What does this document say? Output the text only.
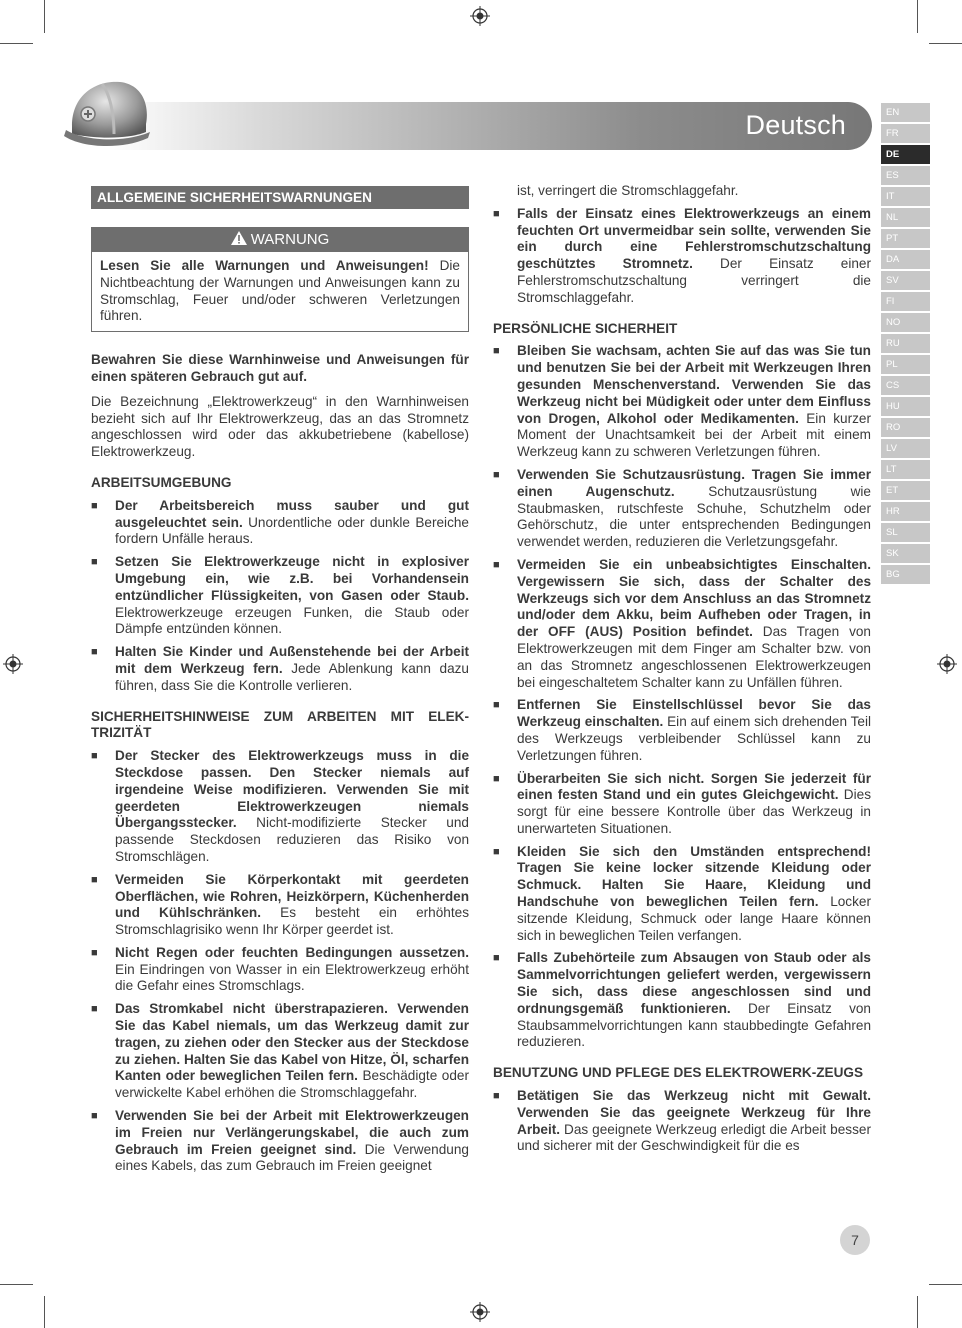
Deutsch	EN
FR
DE
ES
IT
NL
PT
DA
SV
FI
NO
RU
PL
CS
HU
RO
LV
LT
ET
HR
SL
SK
BG
ALLGEMEINE SICHERHEITSWARNUNGEN
WARNUNG
Lesen Sie alle Warnungen und Anweisungen! Die Nichtbeachtung der Warnungen und Anweisungen kann zu Stromschlag, Feuer und/oder schweren Verletzungen führen.

Bewahren Sie diese Warnhinweise und Anweisungen für einen späteren Gebrauch gut auf.

Die Bezeichnung „Elektrowerkzeug“ in den Warnhinweisen bezieht sich auf Ihr Elektrowerkzeug, das an das Stromnetz angeschlossen wird oder das akkubetriebene (kabellose) Elektrowerkzeug.

ARBEITSUMGEBUNG
■ Der Arbeitsbereich muss sauber und gut ausgeleuchtet sein. Unordentliche oder dunkle Bereiche fordern Unfälle heraus.
■ Setzen Sie Elektrowerkzeuge nicht in explosiver Umgebung ein, wie z.B. bei Vorhandensein entzündlicher Flüssigkeiten, von Gasen oder Staub. Elektrowerkzeuge erzeugen Funken, die Staub oder Dämpfe entzünden können.
■ Halten Sie Kinder und Außenstehende bei der Arbeit mit dem Werkzeug fern. Jede Ablenkung kann dazu führen, dass Sie die Kontrolle verlieren.
SICHERHEITSHINWEISE ZUM ARBEITEN MIT ELEK-TRIZITÄT
■ Der Stecker des Elektrowerkzeugs muss in die Steckdose passen. Den Stecker niemals auf irgendeine Weise modifizieren. Verwenden Sie mit geerdeten Elektrowerkzeugen niemals Übergangsstecker. Nicht-modifizierte Stecker und passende Steckdosen reduzieren das Risiko von Stromschlägen.
■ Vermeiden Sie Körperkontakt mit geerdeten Oberflächen, wie Rohren, Heizkörpern, Küchenherden und Kühlschränken. Es besteht ein erhöhtes Stromschlagrisiko wenn Ihr Körper geerdet ist.
■ Nicht Regen oder feuchten Bedingungen aussetzen. Ein Eindringen von Wasser in ein Elektrowerkzeug erhöht die Gefahr eines Stromschlags.
■ Das Stromkabel nicht überstrapazieren. Verwenden Sie das Kabel niemals, um das Werkzeug damit zur tragen, zu ziehen oder den Stecker aus der Steckdose zu ziehen. Halten Sie das Kabel von Hitze, Öl, scharfen Kanten oder beweglichen Teilen fern. Beschädigte oder verwickelte Kabel erhöhen die Stromschlaggefahr.
■ Verwenden Sie bei der Arbeit mit Elektrowerkzeugen im Freien nur Verlängerungskabel, die auch zum Gebrauch im Freien geeignet sind. Die Verwendung eines Kabels, das zum Gebrauch im Freien geeignet

ist, verringert die Stromschlaggefahr.

■ Falls der Einsatz eines Elektrowerkzeugs an einem feuchten Ort unvermeidbar sein sollte, verwenden Sie ein durch eine Fehlerstromschutzschaltung geschütztes Stromnetz. Der Einsatz einer Fehlerstromschutzschaltung verringert die Stromschlaggefahr.
PERSÖNLICHE SICHERHEIT
■ Bleiben Sie wachsam, achten Sie auf das was Sie tun und benutzen Sie bei der Arbeit mit Werkzeugen Ihren gesunden Menschenverstand. Verwenden Sie das Werkzeug nicht bei Müdigkeit oder unter dem Einfluss von Drogen, Alkohol oder Medikamenten. Ein kurzer Moment der Unachtsamkeit bei der Arbeit mit einem Werkzeug kann zu schweren Verletzungen führen.
■ Verwenden Sie Schutzausrüstung. Tragen Sie immer einen Augenschutz. Schutzausrüstung wie Staubmasken, rutschfeste Schuhe, Schutzhelm oder Gehörschutz, die unter entsprechenden Bedingungen verwendet werden, reduzieren die Verletzungsgefahr.
■ Vermeiden Sie ein unbeabsichtigtes Einschalten. Vergewissern Sie sich, dass der Schalter des Werkzeugs sich vor dem Anschluss an das Stromnetz und/oder dem Akku, beim Aufheben oder Tragen, in der OFF (AUS) Position befindet. Das Tragen von Elektrowerkzeugen mit dem Finger am Schalter bzw. von an das Stromnetz angeschlossenen Elektrowerkzeugen bei eingeschaltetem Schalter kann zu Unfällen führen.
■ Entfernen Sie Einstellschlüssel bevor Sie das Werkzeug einschalten. Ein auf einem sich drehenden Teil des Werkzeugs verbleibender Schlüssel kann zu Verletzungen führen.
■ Überarbeiten Sie sich nicht. Sorgen Sie jederzeit für einen festen Stand und ein gutes Gleichgewicht. Dies sorgt für eine bessere Kontrolle über das Werkzeug in unerwarteten Situationen.
■ Kleiden Sie sich den Umständen entsprechend! Tragen Sie keine locker sitzende Kleidung oder Schmuck. Halten Sie Haare, Kleidung und Handschuhe von beweglichen Teilen fern. Locker sitzende Kleidung, Schmuck oder lange Haare können sich in beweglichen Teilen verfangen.
■ Falls Zubehörteile zum Absaugen von Staub oder als Sammelvorrichtungen geliefert werden, vergewissern Sie sich, dass diese angeschlossen sind und ordnungsgemäß funktionieren. Der Einsatz von Staubsammelvorrichtungen kann staubbedingte Gefahren reduzieren.
BENUTZUNG UND PFLEGE DES ELEKTROWERK-ZEUGS
■ Betätigen Sie das Werkzeug nicht mit Gewalt. Verwenden Sie das geeignete Werkzeug für Ihre Arbeit. Das geeignete Werkzeug erledigt die Arbeit besser und sicherer mit der Geschwindigkeit für die es
7
